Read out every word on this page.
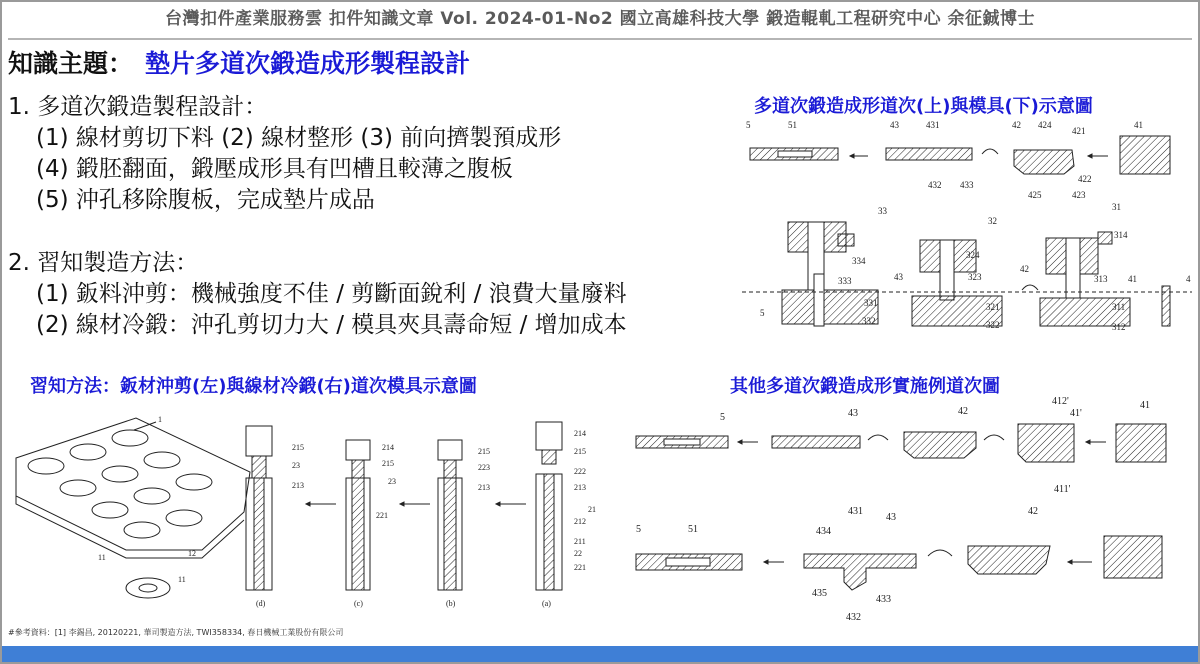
台灣扣件產業服務雲 扣件知識文章 Vol. 2024-01-No2 國立高雄科技大學 鍛造輥軋工程研究中心 余征鋮博士
知識主題： 墊片多道次鍛造成形製程設計
1. 多道次鍛造製程設計：
(1) 線材剪切下料 (2) 線材整形 (3) 前向擠製預成形
(4) 鍛胚翻面，鍛壓成形具有凹槽且較薄之腹板
(5) 沖孔移除腹板，完成墊片成品
2. 習知製造方法：
(1) 鈑料沖剪：機械強度不佳 / 剪斷面銳利 / 浪費大量廢料
(2) 線材冷鍛：沖孔剪切力大 / 模具夾具壽命短 / 增加成本
多道次鍛造成形道次(上)與模具(下)示意圖
習知方法：鈑材沖剪(左)與線材冷鍛(右)道次模具示意圖	其他多道次鍛造成形實施例道次圖
5	51	43	431
432 433
42 424
421
422
425	423
41
33
32
31
334
333
331
332
324
323
321
322
314
313
311
312
43
42
41	4
5
1
11	12
11
215
23
213
(d)
214
215
23
221
(c)
215
223
213
(b)
214
215
222
213
21
212
211
22
221
(a)
5	43	42
412'
41'
411'
41
5	51	434
431
43
435
433
432
42
#參考資料：[1] 李錫昌, 20120221, 華司製造方法, TWI358334, 春日機械工業股份有限公司
